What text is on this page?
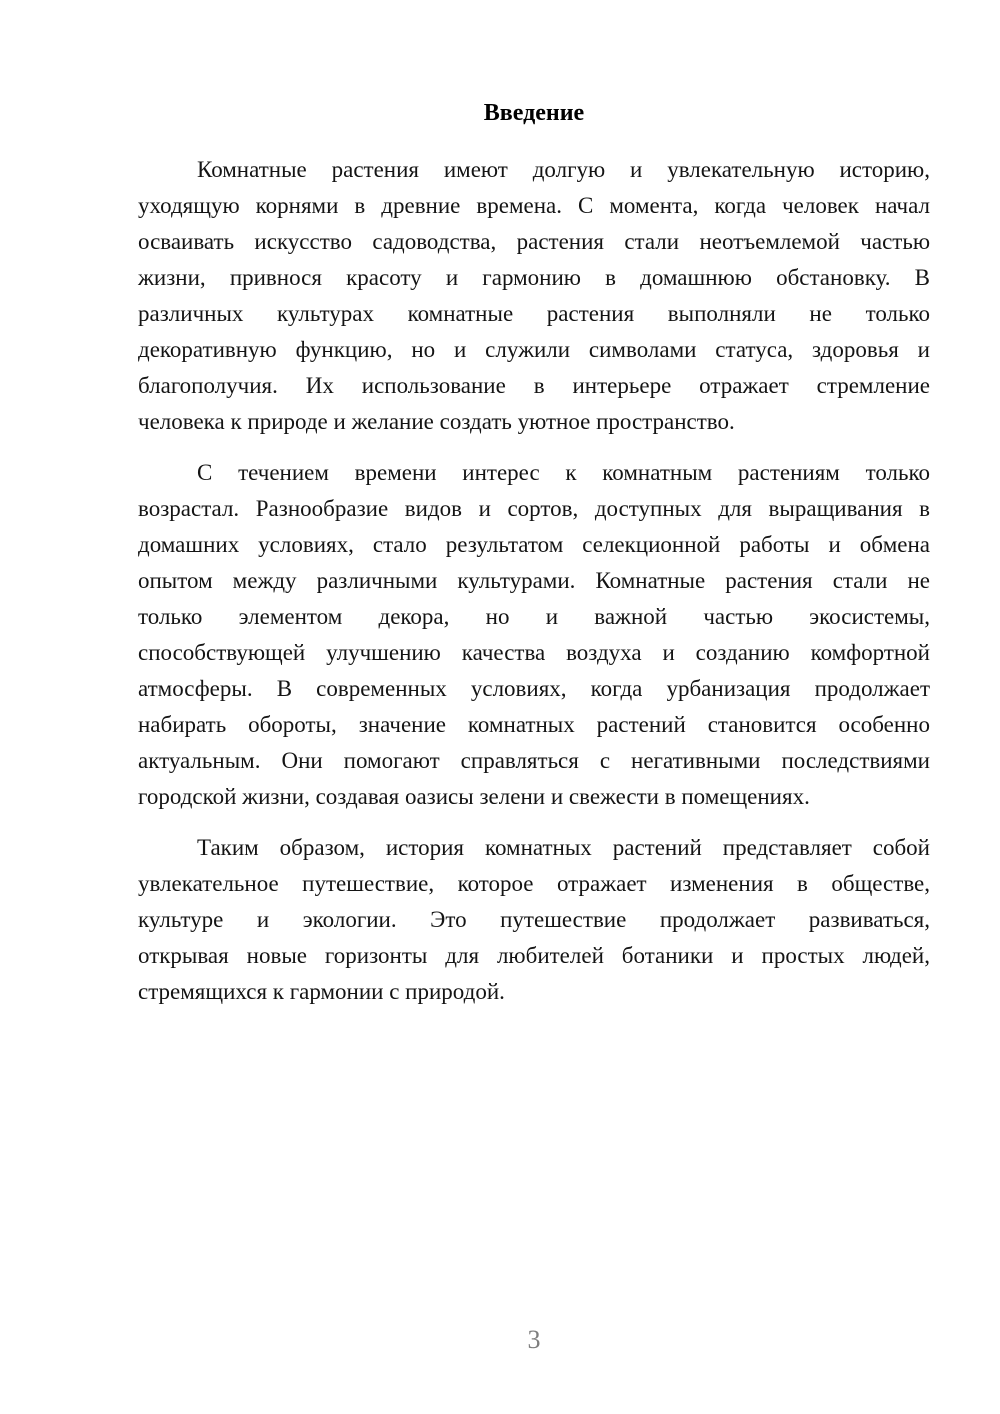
Введение

Комнатные растения имеют долгую и увлекательную историю,
уходящую корнями в древние времена. С момента, когда человек начал
осваивать искусство садоводства, растения стали неотъемлемой частью
жизни, привнося красоту и гармонию в домашнюю обстановку. В
различных культурах комнатные растения выполняли не только
декоративную функцию, но и служили символами статуса, здоровья и
благополучия. Их использование в интерьере отражает стремление
человека к природе и желание создать уютное пространство.

С течением времени интерес к комнатным растениям только
возрастал. Разнообразие видов и сортов, доступных для выращивания в
домашних условиях, стало результатом селекционной работы и обмена
опытом между различными культурами. Комнатные растения стали не
только элементом декора, но и важной частью экосистемы,
способствующей улучшению качества воздуха и созданию комфортной
атмосферы. В современных условиях, когда урбанизация продолжает
набирать обороты, значение комнатных растений становится особенно
актуальным. Они помогают справляться с негативными последствиями
городской жизни, создавая оазисы зелени и свежести в помещениях.

Таким образом, история комнатных растений представляет собой
увлекательное путешествие, которое отражает изменения в обществе,
культуре и экологии. Это путешествие продолжает развиваться,
открывая новые горизонты для любителей ботаники и простых людей,
стремящихся к гармонии с природой.

3
